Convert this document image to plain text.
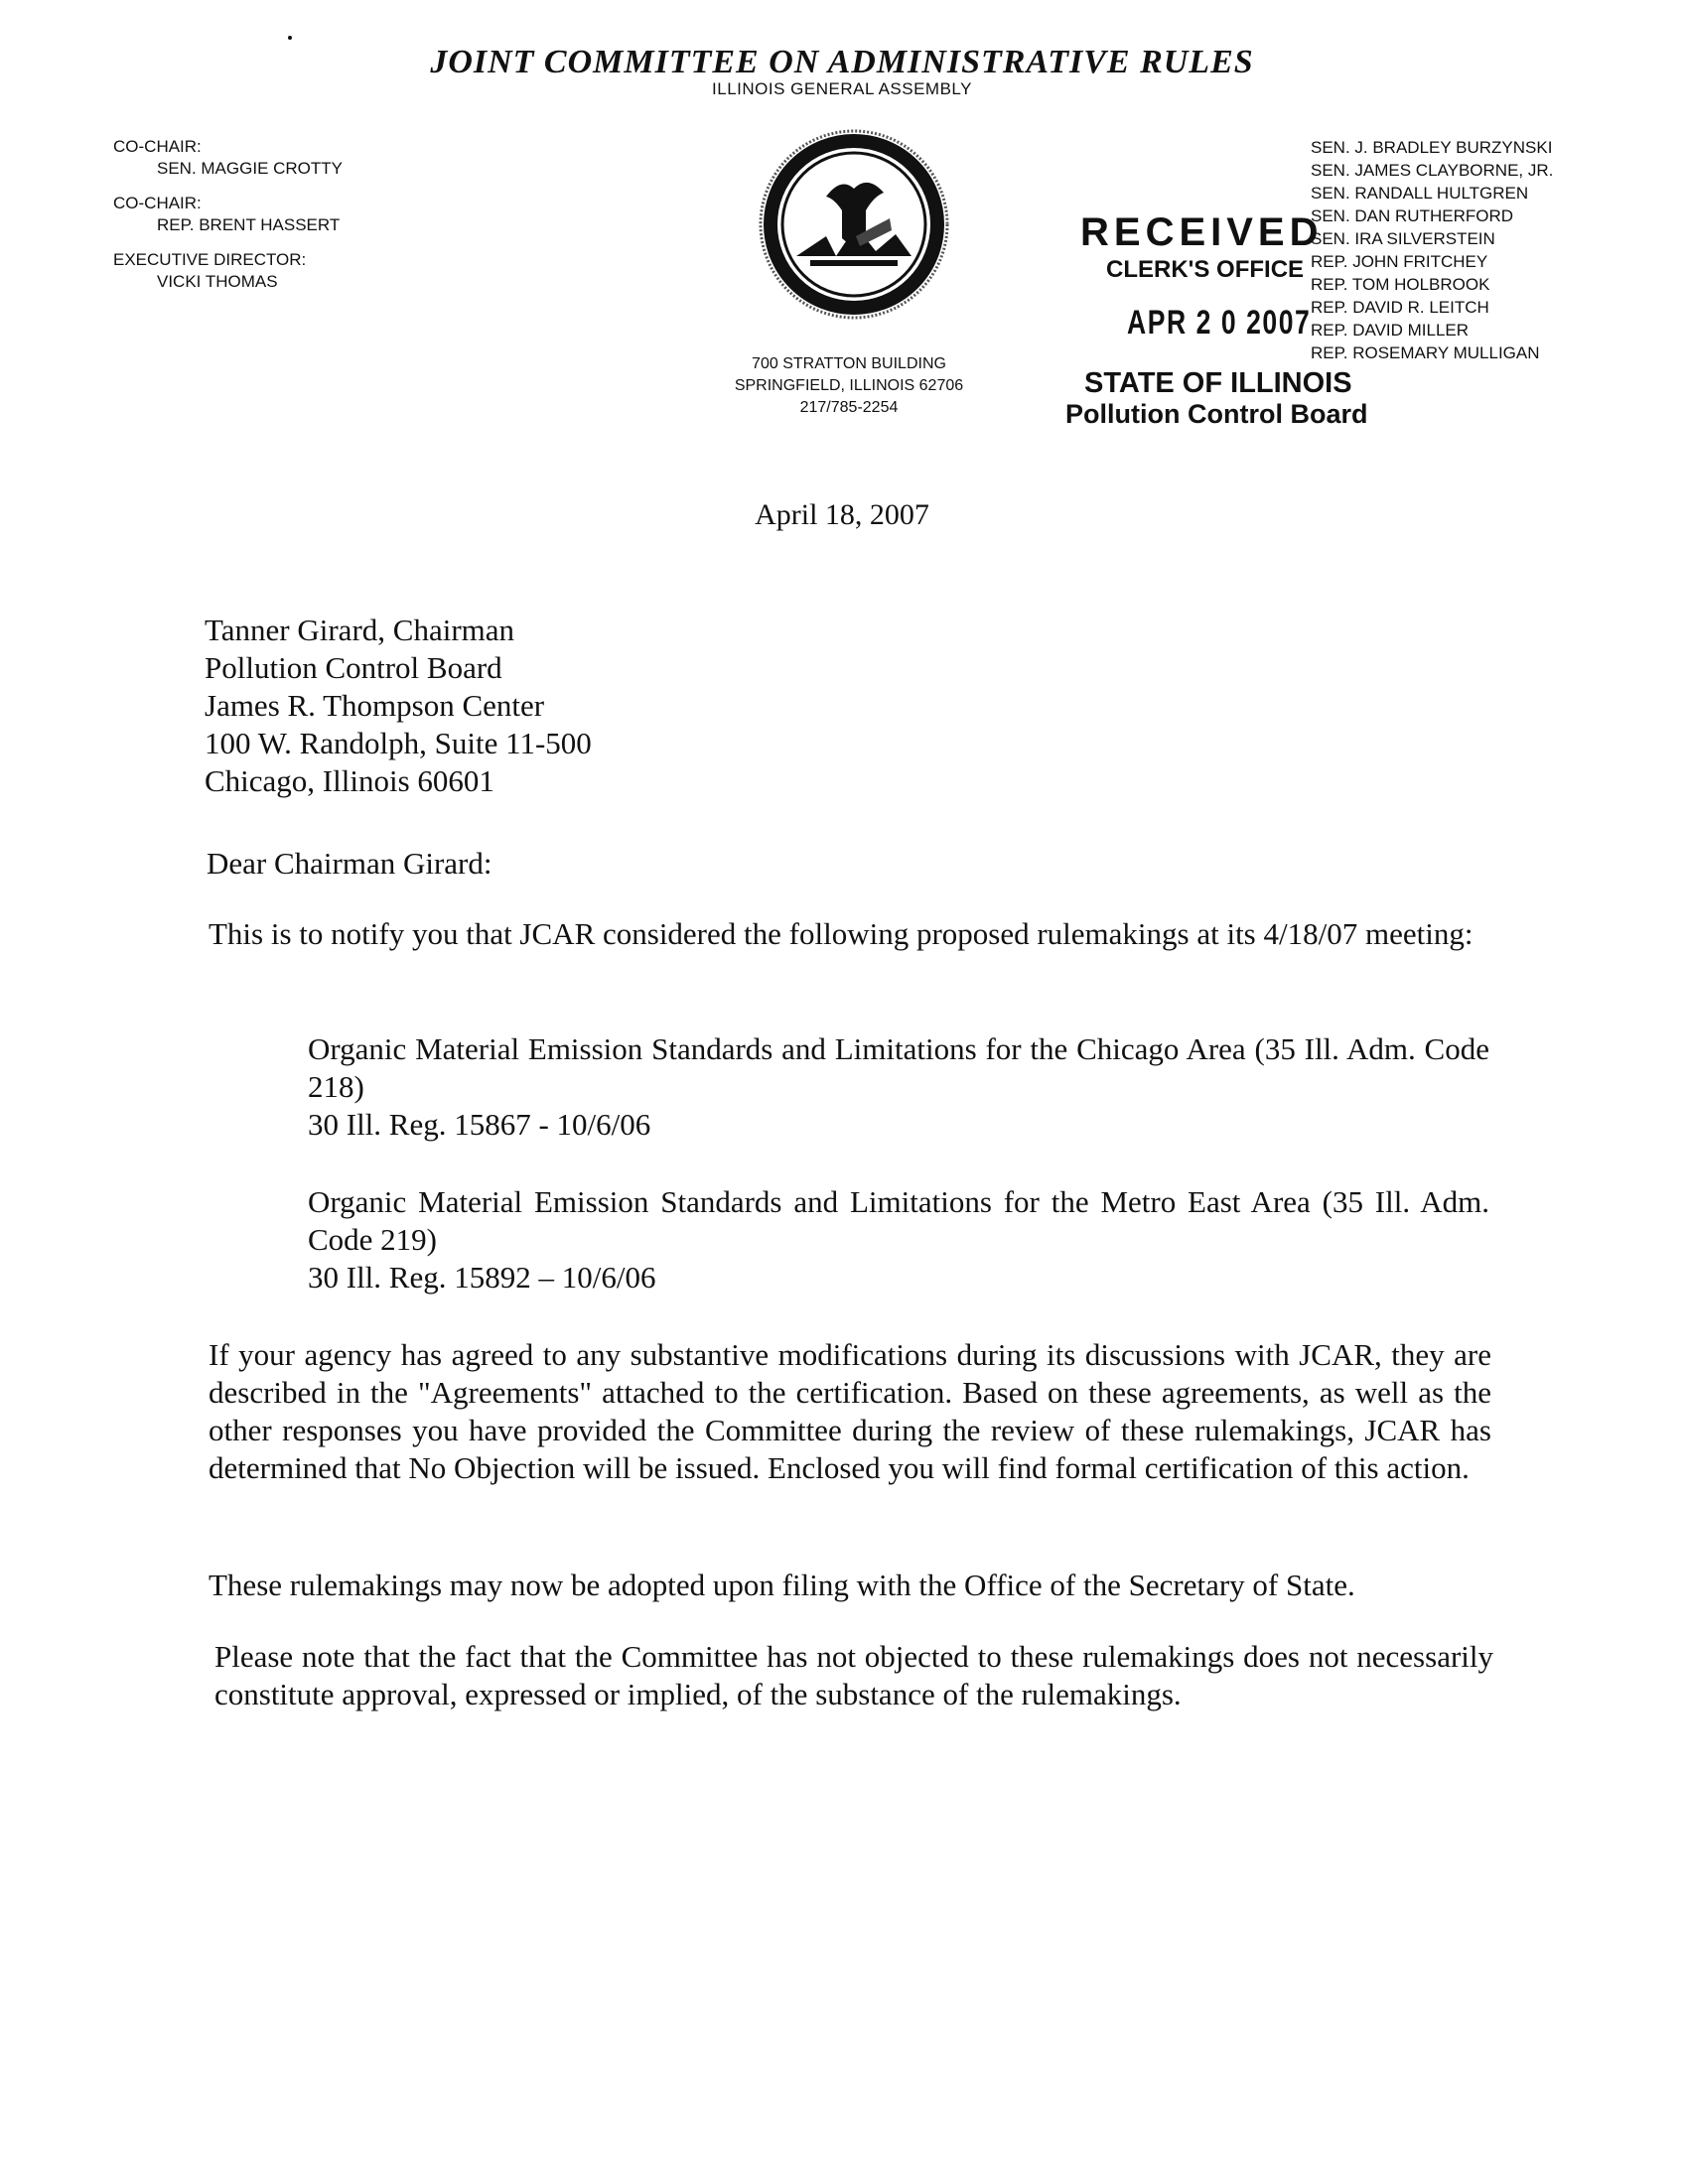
JOINT COMMITTEE ON ADMINISTRATIVE RULES
ILLINOIS GENERAL ASSEMBLY
CO-CHAIR:
SEN. MAGGIE CROTTY
CO-CHAIR:
REP. BRENT HASSERT
EXECUTIVE DIRECTOR:
VICKI THOMAS
700 STRATTON BUILDING
SPRINGFIELD, ILLINOIS 62706
217/785-2254
SEN. J. BRADLEY BURZYNSKI
SEN. JAMES CLAYBORNE, JR.
SEN. RANDALL HULTGREN
SEN. DAN RUTHERFORD
SEN. IRA SILVERSTEIN
REP. JOHN FRITCHEY
REP. TOM HOLBROOK
REP. DAVID R. LEITCH
REP. DAVID MILLER
REP. ROSEMARY MULLIGAN
RECEIVED
CLERK'S OFFICE
APR 2 0 2007
STATE OF ILLINOIS
Pollution Control Board
April 18, 2007
Tanner Girard, Chairman
Pollution Control Board
James R. Thompson Center
100 W. Randolph, Suite 11-500
Chicago, Illinois 60601
Dear Chairman Girard:
This is to notify you that JCAR considered the following proposed rulemakings at its 4/18/07 meeting:
Organic Material Emission Standards and Limitations for the Chicago Area (35 Ill. Adm. Code 218)
30 Ill. Reg. 15867 - 10/6/06
Organic Material Emission Standards and Limitations for the Metro East Area (35 Ill. Adm. Code 219)
30 Ill. Reg. 15892 – 10/6/06
If your agency has agreed to any substantive modifications during its discussions with JCAR, they are described in the "Agreements" attached to the certification. Based on these agreements, as well as the other responses you have provided the Committee during the review of these rulemakings, JCAR has determined that No Objection will be issued. Enclosed you will find formal certification of this action.
These rulemakings may now be adopted upon filing with the Office of the Secretary of State.
Please note that the fact that the Committee has not objected to these rulemakings does not necessarily constitute approval, expressed or implied, of the substance of the rulemakings.
